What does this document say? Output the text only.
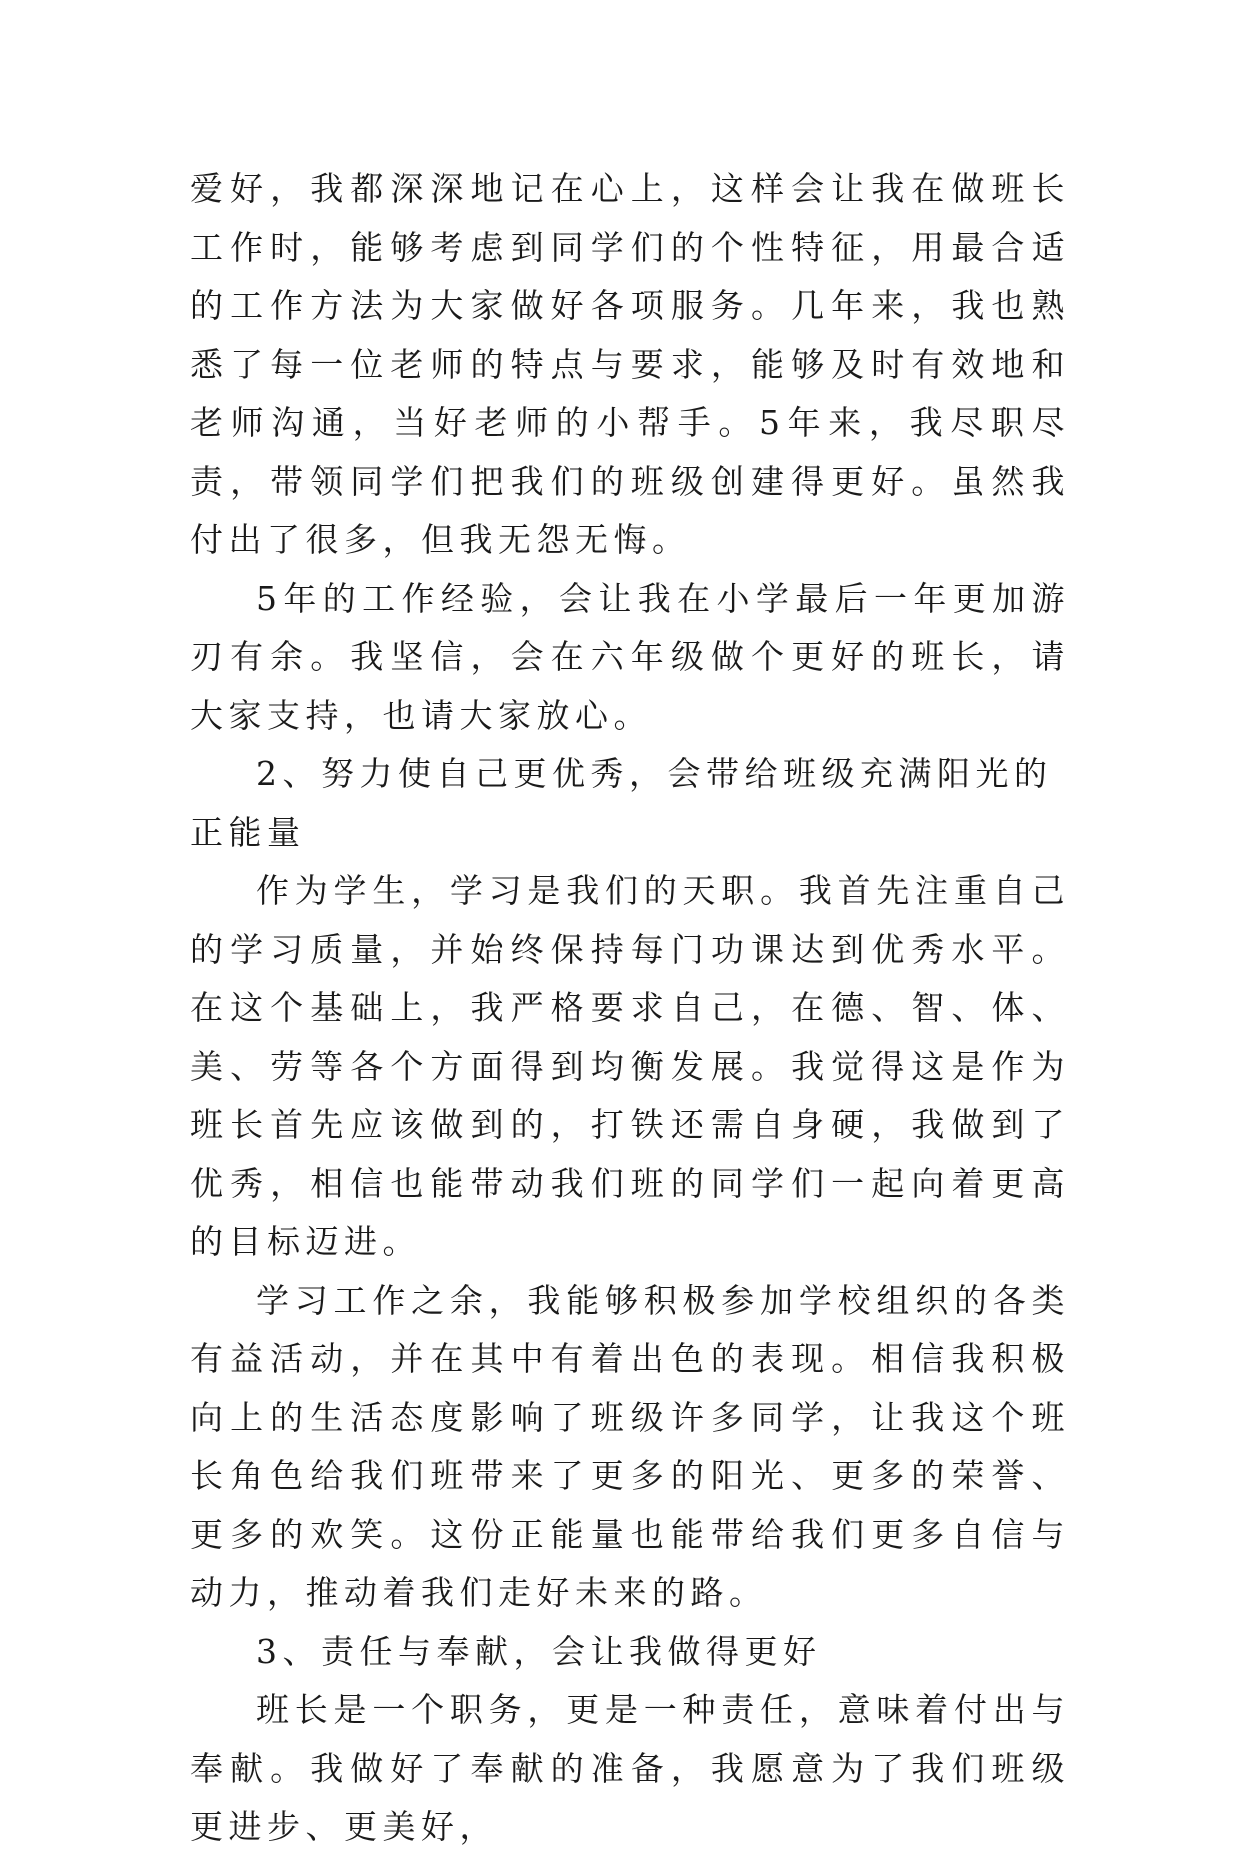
爱好，我都深深地记在心上，这样会让我在做班长工作时，能够考虑到同学们的个性特征，用最合适的工作方法为大家做好各项服务。几年来，我也熟悉了每一位老师的特点与要求，能够及时有效地和老师沟通，当好老师的小帮手。5年来，我尽职尽责，带领同学们把我们的班级创建得更好。虽然我付出了很多，但我无怨无悔。

5年的工作经验，会让我在小学最后一年更加游刃有余。我坚信，会在六年级做个更好的班长，请大家支持，也请大家放心。

2、努力使自己更优秀，会带给班级充满阳光的正能量

作为学生，学习是我们的天职。我首先注重自己的学习质量，并始终保持每门功课达到优秀水平。在这个基础上，我严格要求自己，在德、智、体、美、劳等各个方面得到均衡发展。我觉得这是作为班长首先应该做到的，打铁还需自身硬，我做到了优秀，相信也能带动我们班的同学们一起向着更高的目标迈进。

学习工作之余，我能够积极参加学校组织的各类有益活动，并在其中有着出色的表现。相信我积极向上的生活态度影响了班级许多同学，让我这个班长角色给我们班带来了更多的阳光、更多的荣誉、更多的欢笑。这份正能量也能带给我们更多自信与动力，推动着我们走好未来的路。

3、责任与奉献，会让我做得更好

班长是一个职务，更是一种责任，意味着付出与奉献。我做好了奉献的准备，我愿意为了我们班级更进步、更美好，
